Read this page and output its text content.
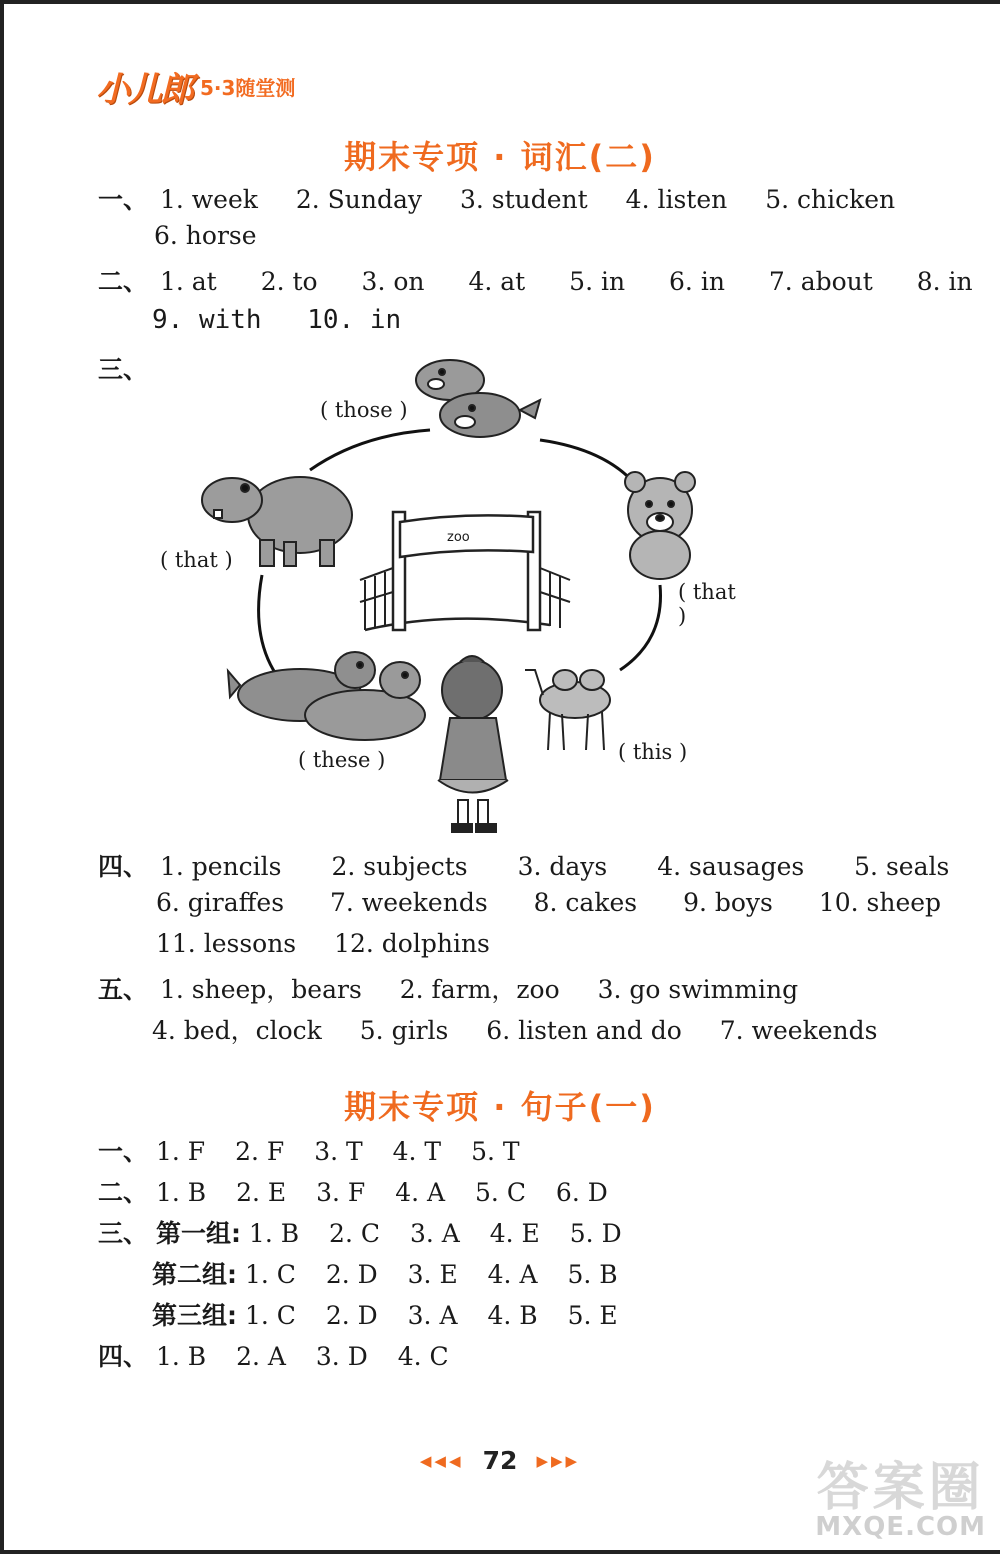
小儿郎 5·3随堂测
期末专项 · 词汇(二)
一、 1. week 2. Sunday 3. student 4. listen 5. chicken
6. horse
二、 1. at 2. to 3. on 4. at 5. in 6. in 7. about 8. in
9. with 10. in
三、
( those )
( that )
( that )
( these )	( this )
zoo
四、 1. pencils 2. subjects 3. days 4. sausages 5. seals
6. giraffes 7. weekends 8. cakes 9. boys 10. sheep
11. lessons 12. dolphins
五、 1. sheep，bears 2. farm，zoo 3. go swimming
4. bed，clock 5. girls 6. listen and do 7. weekends
期末专项 · 句子(一)
一、 1. F 2. F 3. T 4. T 5. T
二、 1. B 2. E 3. F 4. A 5. C 6. D
三、 第一组: 1. B 2. C 3. A 4. E 5. D
第二组: 1. C 2. D 3. E 4. A 5. B
第三组: 1. C 2. D 3. A 4. B 5. E
四、 1. B 2. A 3. D 4. C
◀◀◀ 72 ▶▶▶	答案圈
MXQE.COM
